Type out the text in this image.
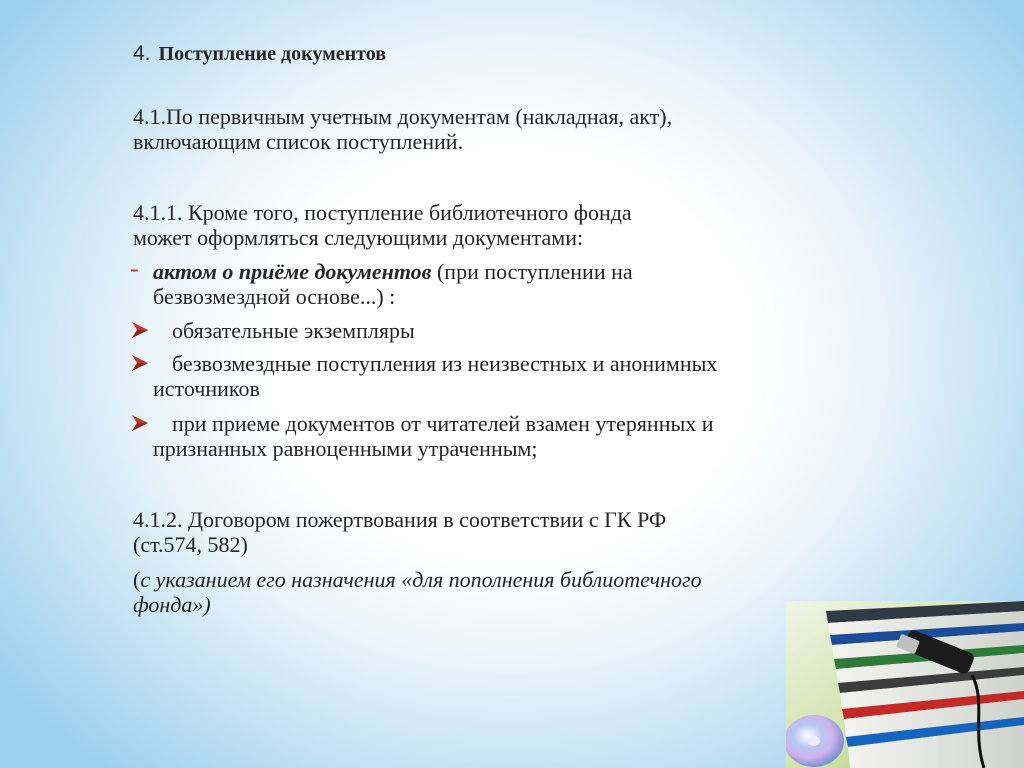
4. Поступление документов

4.1.По первичным учетным документам (накладная, акт),

включающим список поступлений.

4.1.1. Кроме того, поступление библиотечного фонда

может оформляться следующими документами:

- актом о приёме документов (при поступлении на

безвозмездной основе...) :

обязательные экземпляры

безвозмездные поступления из неизвестных и анонимных

источников

при приеме документов от читателей взамен утерянных и

признанных равноценными утраченным;

4.1.2. Договором пожертвования в соответствии с ГК РФ

(ст.574, 582)

(с указанием его назначения «для пополнения библиотечного

фонда»)
